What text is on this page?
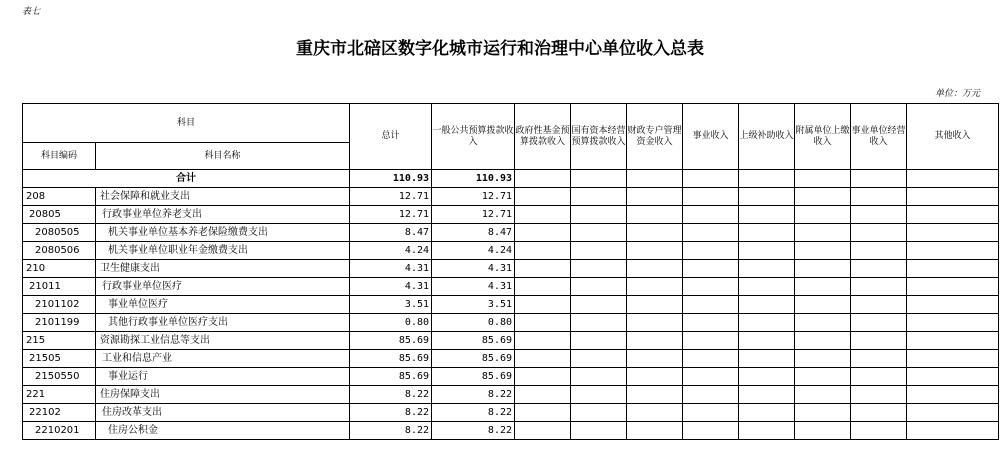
表七
重庆市北碚区数字化城市运行和治理中心单位收入总表
单位：万元
科目		总计	一般公共预算拨款收入	政府性基金预算拨款收入	国有资本经营预算拨款收入	财政专户管理资金收入	事业收入	上级补助收入	附属单位上缴收入	事业单位经营收入	其他收入
科目编码	科目名称										
合计		110.93	110.93								
208	社会保障和就业支出	12.71	12.71								
20805	行政事业单位养老支出	12.71	12.71								
2080505	机关事业单位基本养老保险缴费支出	8.47	8.47								
2080506	机关事业单位职业年金缴费支出	4.24	4.24								
210	卫生健康支出	4.31	4.31								
21011	行政事业单位医疗	4.31	4.31								
2101102	事业单位医疗	3.51	3.51								
2101199	其他行政事业单位医疗支出	0.80	0.80								
215	资源勘探工业信息等支出	85.69	85.69								
21505	工业和信息产业	85.69	85.69								
2150550	事业运行	85.69	85.69								
221	住房保障支出	8.22	8.22								
22102	住房改革支出	8.22	8.22								
2210201	住房公积金	8.22	8.22								
